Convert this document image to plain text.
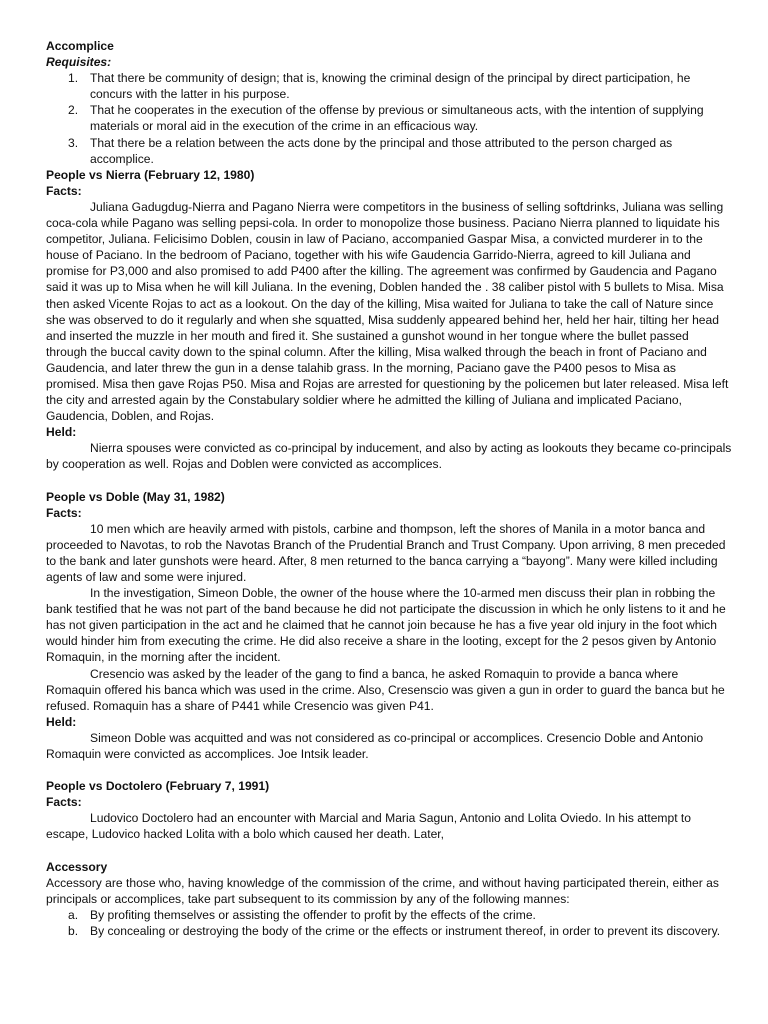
Accomplice

Requisites:

1. That there be community of design; that is, knowing the criminal design of the principal by direct participation, he concurs with the latter in his purpose.
2. That he cooperates in the execution of the offense by previous or simultaneous acts, with the intention of supplying materials or moral aid in the execution of the crime in an efficacious way.
3. That there be a relation between the acts done by the principal and those attributed to the person charged as accomplice.

People vs Nierra (February 12, 1980)

Facts:

Juliana Gadugdug-Nierra and Pagano Nierra were competitors in the business of selling softdrinks, Juliana was selling coca-cola while Pagano was selling pepsi-cola. In order to monopolize those business. Paciano Nierra planned to liquidate his competitor, Juliana. Felicisimo Doblen, cousin in law of Paciano, accompanied Gaspar Misa, a convicted murderer in to the house of Paciano. In the bedroom of Paciano, together with his wife Gaudencia Garrido-Nierra, agreed to kill Juliana and promise for P3,000 and also promised to add P400 after the killing. The agreement was confirmed by Gaudencia and Pagano said it was up to Misa when he will kill Juliana. In the evening, Doblen handed the . 38 caliber pistol with 5 bullets to Misa. Misa then asked Vicente Rojas to act as a lookout. On the day of the killing, Misa waited for Juliana to take the call of Nature since she was observed to do it regularly and when she squatted, Misa suddenly appeared behind her, held her hair, tilting her head and inserted the muzzle in her mouth and fired it. She sustained a gunshot wound in her tongue where the bullet passed through the buccal cavity down to the spinal column. After the killing, Misa walked through the beach in front of Paciano and Gaudencia, and later threw the gun in a dense talahib grass. In the morning, Paciano gave the P400 pesos to Misa as promised. Misa then gave Rojas P50. Misa and Rojas are arrested for questioning by the policemen but later released. Misa left the city and arrested again by the Constabulary soldier where he admitted the killing of Juliana and implicated Paciano, Gaudencia, Doblen, and Rojas.

Held:

Nierra spouses were convicted as co-principal by inducement, and also by acting as lookouts they became co-principals by cooperation as well. Rojas and Doblen were convicted as accomplices.

People vs Doble (May 31, 1982)

Facts:

10 men which are heavily armed with pistols, carbine and thompson, left the shores of Manila in a motor banca and proceeded to Navotas, to rob the Navotas Branch of the Prudential Branch and Trust Company. Upon arriving, 8 men preceded to the bank and later gunshots were heard. After, 8 men returned to the banca carrying a “bayong”. Many were killed including agents of law and some were injured.

In the investigation, Simeon Doble, the owner of the house where the 10-armed men discuss their plan in robbing the bank testified that he was not part of the band because he did not participate the discussion in which he only listens to it and he has not given participation in the act and he claimed that he cannot join because he has a five year old injury in the foot which would hinder him from executing the crime. He did also receive a share in the looting, except for the 2 pesos given by Antonio Romaquin, in the morning after the incident.

Cresencio was asked by the leader of the gang to find a banca, he asked Romaquin to provide a banca where Romaquin offered his banca which was used in the crime. Also, Cresenscio was given a gun in order to guard the banca but he refused. Romaquin has a share of P441 while Cresencio was given P41.

Held:

Simeon Doble was acquitted and was not considered as co-principal or accomplices. Cresencio Doble and Antonio Romaquin were convicted as accomplices. Joe Intsik leader.

People vs Doctolero (February 7, 1991)

Facts:

Ludovico Doctolero had an encounter with Marcial and Maria Sagun, Antonio and Lolita Oviedo. In his attempt to escape, Ludovico hacked Lolita with a bolo which caused her death. Later,

Accessory

Accessory are those who, having knowledge of the commission of the crime, and without having participated therein, either as principals or accomplices, take part subsequent to its commission by any of the following mannes:

a. By profiting themselves or assisting the offender to profit by the effects of the crime.
b. By concealing or destroying the body of the crime or the effects or instrument thereof, in order to prevent its discovery.
